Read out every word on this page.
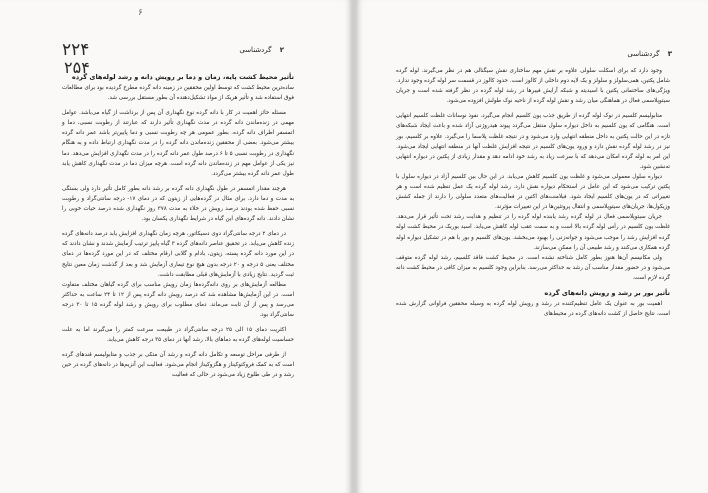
۶
۲۲۴
۲۵۴
۲ گردشناسی
تأثیر محیط کشت پایه، زمان و دما بر رویش دانه و رشد لوله‌های گرده

ساده‌ترین محیط کشت که توسط اولین محققین در زمینه دانه گرده مطرح گردیده بود برای مطالعات فوق استفاده شد و تأثیر هریک از مواد تشکیل‌دهنده آن بطور مستقل بررسی شد.

مسئله حائز اهمیت در کار با دانه گرده نوع نگهداری آن پس از برداشت از گیاه می‌باشد. عوامل مهمی در زنده‌ماندن دانه گرده در مدت نگهداری تأثیر دارند که عبارتند از رطوبت نسبی، دما و اتمسفر اطراف دانه گرده. بطور عمومی هر چه رطوبت نسبی و دما پایین‌تر باشد عمر دانه گرده بیشتر می‌شود. بعضی از محققین زنده‌ماندن دانه گرده را در مدت نگهداری ارتباط داده و به هنگام نگهداری در رطوبت نسبی ۵ تا ۶ درصد طول عمر دانه گرده را در مدت نگهداری افزایش می‌دهد. دما نیز یکی از عوامل مهم در زنده‌ماندن دانه گرده است. هرچه میزان دما در مدت نگهداری کاهش یابد طول عمر دانه گرده بیشتر می‌گردد.

هرچند مقدار اتمسفر در طول نگهداری دانه گرده بر رشد دانه بطور کامل تأثیر دارد ولی بستگی به مدت و دما دارد. برای مثال در گرده‌هایی از زیتون که در دمای ۱۷- درجه سانتی‌گراد و رطوبت نسبی حفظ شده بودند درصد رویش در خلاء به مدت ۳۷۸ روز نگهداری شده درصد حیات خوبی را نشان دادند. دانه گرده‌های این گیاه در شرایط نگهداری یکسان بود.

در دمای ۲ درجه سانتی‌گراد دوی دسیکاتور، هرچه زمان نگهداری افزایش یابد درصد دانه‌های گرده زنده کاهش می‌یابد. در تحقیق عناصر دانه‌های گرده ۳ گیاه پاییز ترتیب آزمایش شدند و نشان دادند که در این مورد دانه گرده پسته، زیتون، بادام و گلابی ارقام مختلف که در این مورد گرده‌ها در دمای مختلف یعنی ۵ درجه و ۲۰ درجه بدون هیچ نوع تیماری آزمایش شد و بعد از گذشت زمان معین نتایج ثبت گردید. نتایج زیادی با آزمایش‌های قبلی مطابقت داشت.

مطالعه آزمایش‌های بر روی دانه‌گرده‌ها زمان رویش مناسب برای گرده گیاهان مختلف متفاوت است. در این آزمایش‌ها مشاهده شد که درصد رویش دانه گرده پس از ۱۲ تا ۲۴ ساعت به حداکثر می‌رسد و پس از آن ثابت می‌ماند. دمای مطلوب برای رویش و رشد لوله گرده ۱۵ تا ۳۰ درجه سانتی‌گراد بود.

اکثریت دمای ۱۵ الی ۲۵ درجه سانتی‌گراد در طبیعت سرعت کمتر را می‌گیرند اما به علت حساسیت لوله‌های گرده به دماهای بالا، رشد آنها در دمای ۳۵ درجه کاهش می‌یابد.

از طرفی مراحل توسعه و تکامل دانه گرده و رشد آن متکی بر جذب و متابولیسم قندهای گرده است که به کمک فروکتوکیناز و هگزوکیناز انجام می‌شود. فعالیت این آنزیم‌ها در دانه‌های گرده در حین رشد و در طی طلوع زیاد می‌شود در حالی که فعالیت

۳ گردشناسی

وجود دارد که برای اسکلت سلولی علاوه بر نقش مهم ساختاری نقش سیگنالی هم در نظر می‌گیرند. لوله گرده شامل پکتین، همی‌سلولز و سلولز و یک لایه دوم داخلی از کالوز است. حدود کالوز در قسمت سر لوله گرده وجود ندارد. ویژگی‌های ساختمانی پکتین با اسیدیته و شبکه آرایش فیبرها در رشد لوله گرده در نظر گرفته شده است و جریان سیتوپلاسمی فعال در هماهنگی میان رشد و نقش لوله گرده از ناحیه نوک طولش افزوده می‌شود.

متابولیسم کلسیم در نوک لوله گرده از طریق جذب یون کلسیم انجام می‌گیرد. نفوذ نوسانات غلظت کلسیم انتهایی است. هنگامی که یون کلسیم به داخل دیواره سلول منتقل می‌گردد پیوند هیدروژنی آزاد شده و باعث ایجاد شبکه‌های تازه در این حالت پکتین به داخل منطقه انتهایی وارد می‌شود و در نتیجه غلظت پلاسما را می‌گیرد. علاوه بر کلسیم، بور نیز در رشد لوله گرده نقش دارد و ورود یون‌های کلسیم در نتیجه افزایش غلظت آنها در منطقه انتهایی ایجاد می‌شود. این امر به لوله گرده امکان می‌دهد که با سرعت زیاد به رشد خود ادامه دهد و مقدار زیادی از پکتین در دیواره انتهایی ته‌نشین شود.

دیواره سلول معمولی می‌شود و غلظت یون کلسیم کاهش می‌یابد. در این حال بین کلسیم آزاد در دیواره سلول با پکتین ترکیب می‌شود که این عامل در استحکام دیواره نقش دارد. رشد لوله گرده یک عمل تنظیم شده است و هر تغییراتی که در یون‌های کلسیم ایجاد شود. فیلامنت‌های اکتین در فعالیت‌های متعدد سلولی را دارند از جمله کشش وزیکول‌ها، جریان‌های سیتوپلاسمی و انتقال پروتئین‌ها در این تغییرات مؤثرند.

جریان سیتوپلاسمی فعال در لوله گرده رشد یابنده لوله گرده را در تنظیم و هدایت رشد تحت تأثیر قرار می‌دهد. غلظت یون کلسیم در رأس لوله گرده بالا است و به سمت عقب لوله کاهش می‌یابد. اسید بوریک در محیط کشت لوله گرده افزایش رشد را موجب می‌شود و جوانه‌زنی را بهبود می‌بخشد. یون‌های کلسیم و بور با هم در تشکیل دیواره لوله گرده همکاری می‌کنند و رشد طبیعی آن را ممکن می‌سازند.

ولی مکانیسم آن‌ها هنوز بطور کامل شناخته نشده است. در محیط کشت فاقد کلسیم، رشد لوله گرده متوقف می‌شود و در حضور مقدار مناسب آن رشد به حداکثر می‌رسد. بنابراین وجود کلسیم به میزان کافی در محیط کشت دانه گرده لازم است.

تأثیر بور بر رشد و رویش دانه‌های گرده

اهمیت بور به عنوان یک عامل تنظیم‌کننده در رشد و رویش لوله گرده به وسیله محققین فراوانی گزارش شده است. نتایج حاصل از کشت دانه‌های گرده در محیط‌های
